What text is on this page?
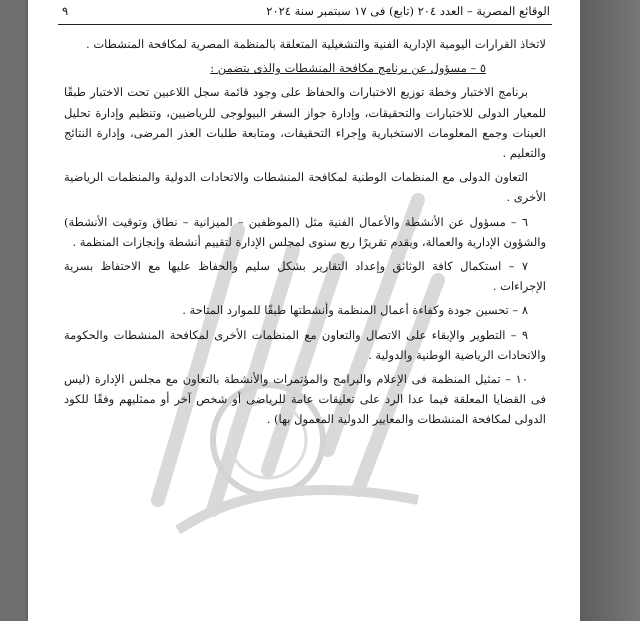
الوقائع المصرية – العدد ٢٠٤ (تابع) فى ١٧ سبتمبر سنة ٢٠٢٤
٩

لاتخاذ القرارات اليومية الإدارية الفنية والتشغيلية المتعلقة بالمنظمة المصرية لمكافحة المنشطات .

٥ – مسؤول عن برنامج مكافحة المنشطات والذى يتضمن :

برنامج الاختبار وخطة توزيع الاختبارات والحفاظ على وجود قائمة سجل اللاعبين تحت الاختبار طبقًا للمعيار الدولى للاختبارات والتحقيقات، وإدارة جواز السفر البيولوجى للرياضيين، وتنظيم وإدارة تحليل العينات وجمع المعلومات الاستخبارية وإجراء التحقيقات، ومتابعة طلبات العذر المرضى، وإدارة النتائج والتعليم .

التعاون الدولى مع المنظمات الوطنية لمكافحة المنشطات والاتحادات الدولية والمنظمات الرياضية الأخرى .

٦ – مسؤول عن الأنشطة والأعمال الفنية مثل (الموظفين – الميزانية – نطاق وتوقيت الأنشطة) والشؤون الإدارية والعمالة، ويقدم تقريرًا ربع سنوى لمجلس الإدارة لتقييم أنشطة وإنجازات المنظمة .

٧ – استكمال كافة الوثائق وإعداد التقارير بشكل سليم والحفاظ عليها مع الاحتفاظ بسرية الإجراءات .

٨ – تحسين جودة وكفاءة أعمال المنظمة وأنشطتها طبقًا للموارد المتاحة .

٩ – التطوير والإبقاء على الاتصال والتعاون مع المنظمات الأخرى لمكافحة المنشطات والحكومة والاتحادات الرياضية الوطنية والدولية .

١٠ – تمثيل المنظمة فى الإعلام والبرامج والمؤتمرات والأنشطة بالتعاون مع مجلس الإدارة (ليس فى القضايا المعلقة فيما عدا الرد على تعليقات عامة للرياضى أو شخص آخر أو ممثليهم وفقًا للكود الدولى لمكافحة المنشطات والمعايير الدولية المعمول بها) .
